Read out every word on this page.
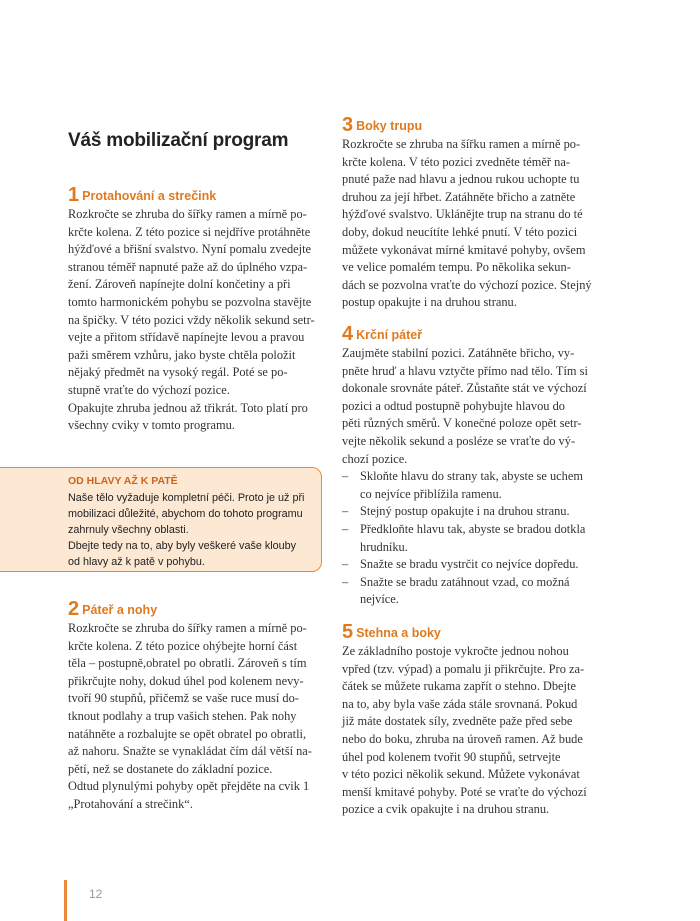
Váš mobilizační program
1 Protahování a strečink

Rozkročte se zhruba do šířky ramen a mírně po-

krčte kolena. Z této pozice si nejdříve protáhněte

hýžďové a břišní svalstvo. Nyní pomalu zvedejte

stranou téměř napnuté paže až do úplného vzpa-

žení. Zároveň napínejte dolní končetiny a při

tomto harmonickém pohybu se pozvolna stavějte

na špičky. V této pozici vždy několik sekund setr-

vejte a přitom střídavě napínejte levou a pravou

paži směrem vzhůru, jako byste chtěla položit

nějaký předmět na vysoký regál. Poté se po-

stupně vraťte do výchozí pozice.

Opakujte zhruba jednou až třikrát. Toto platí pro

všechny cviky v tomto programu.

OD HLAVY AŽ K PATĚ

Naše tělo vyžaduje kompletní péči. Proto je už při

mobilizaci důležité, abychom do tohoto programu

zahrnuly všechny oblasti.

Dbejte tedy na to, aby byly veškeré vaše klouby

od hlavy až k patě v pohybu.

2 Páteř a nohy

Rozkročte se zhruba do šířky ramen a mírně po-

krčte kolena. Z této pozice ohýbejte horní část

těla – postupně,obratel po obratli. Zároveň s tím

přikrčujte nohy, dokud úhel pod kolenem nevy-

tvoří 90 stupňů, přičemž se vaše ruce musí do-

tknout podlahy a trup vašich stehen. Pak nohy

natáhněte a rozbalujte se opět obratel po obratli,

až nahoru. Snažte se vynakládat čím dál větší na-

pětí, než se dostanete do základní pozice.

Odtud plynulými pohyby opět přejděte na cvik 1

„Protahování a strečink“.

3 Boky trupu

Rozkročte se zhruba na šířku ramen a mírně po-

krčte kolena. V této pozici zvedněte téměř na-

pnuté paže nad hlavu a jednou rukou uchopte tu

druhou za její hřbet. Zatáhněte břicho a zatněte

hýžďové svalstvo. Uklánějte trup na stranu do té

doby, dokud neucítíte lehké pnutí. V této pozici

můžete vykonávat mírné kmitavé pohyby, ovšem

ve velice pomalém tempu. Po několika sekun-

dách se pozvolna vraťte do výchozí pozice. Stejný

postup opakujte i na druhou stranu.

4 Krční páteř

Zaujměte stabilní pozici. Zatáhněte břicho, vy-

pněte hruď a hlavu vztyčte přímo nad tělo. Tím si

dokonale srovnáte páteř. Zůstaňte stát ve výchozí

pozici a odtud postupně pohybujte hlavou do

pěti různých směrů. V konečné poloze opět setr-

vejte několik sekund a posléze se vraťte do vý-

chozí pozice.

– Skloňte hlavu do strany tak, abyste se uchem
co nejvíce přiblížila ramenu.
– Stejný postup opakujte i na druhou stranu.
– Předkloňte hlavu tak, abyste se bradou dotkla
hrudníku.
– Snažte se bradu vystrčit co nejvíce dopředu.
– Snažte se bradu zatáhnout vzad, co možná
nejvíce.
5 Stehna a boky

Ze základního postoje vykročte jednou nohou

vpřed (tzv. výpad) a pomalu ji přikrčujte. Pro za-

čátek se můžete rukama zapřít o stehno. Dbejte

na to, aby byla vaše záda stále srovnaná. Pokud

již máte dostatek síly, zvedněte paže před sebe

nebo do boku, zhruba na úroveň ramen. Až bude

úhel pod kolenem tvořit 90 stupňů, setrvejte

v této pozici několik sekund. Můžete vykonávat

menší kmitavé pohyby. Poté se vraťte do výchozí

pozice a cvik opakujte i na druhou stranu.

12
